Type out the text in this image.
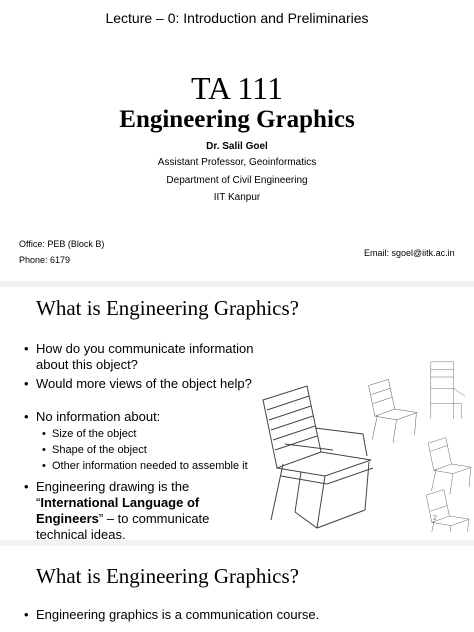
Lecture – 0: Introduction and Preliminaries
TA 111
Engineering Graphics
Dr. Salil Goel
Assistant Professor, Geoinformatics
Department of Civil Engineering
IIT Kanpur
Office: PEB (Block B)
Phone: 6179
Email: sgoel@iitk.ac.in
What is Engineering Graphics?
• How do you communicate information about this object?
• Would more views of the object help?
• No information about:
• Size of the object
• Shape of the object
• Other information needed to assemble it
• Engineering drawing is the “International Language of Engineers” – to communicate technical ideas.
2
What is Engineering Graphics?
• Engineering graphics is a communication course.
